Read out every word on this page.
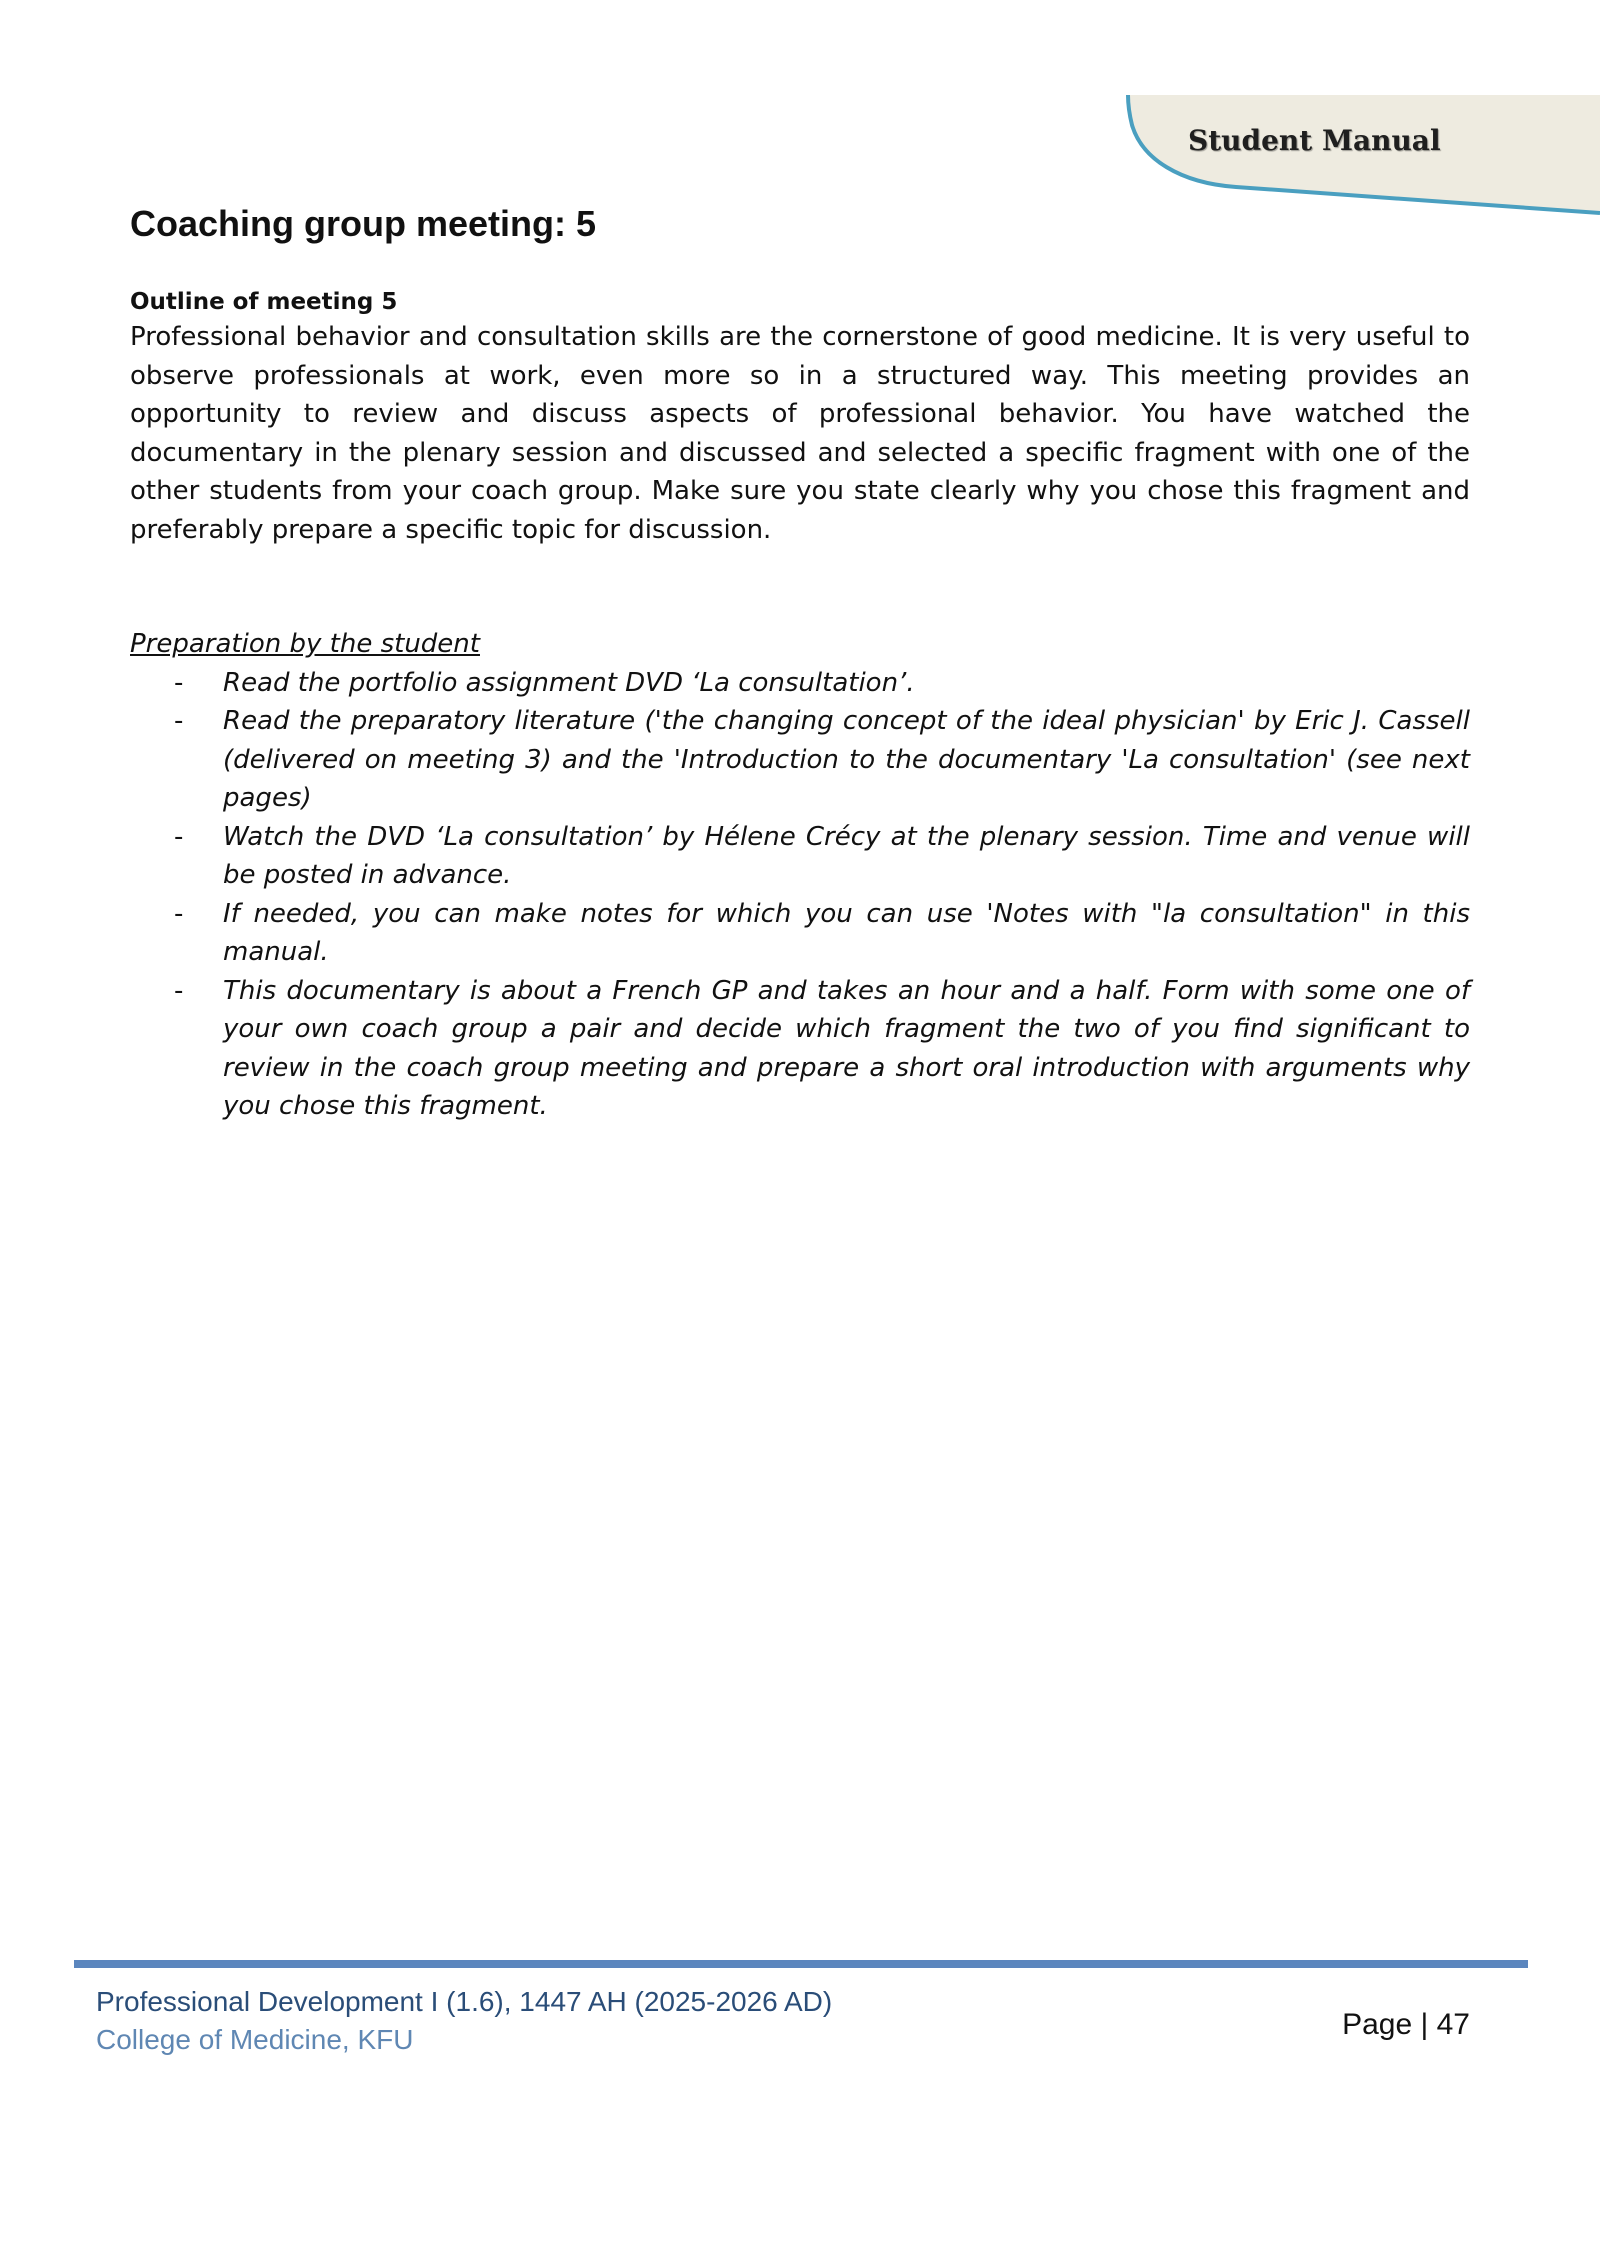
Student Manual
Coaching group meeting: 5
Outline of meeting 5

Professional behavior and consultation skills are the cornerstone of good medicine. It is very useful to observe professionals at work, even more so in a structured way. This meeting provides an opportunity to review and discuss aspects of professional behavior. You have watched the documentary in the plenary session and discussed and selected a specific fragment with one of the other students from your coach group. Make sure you state clearly why you chose this fragment and preferably prepare a specific topic for discussion.

Preparation by the student
- Read the portfolio assignment DVD ‘La consultation’.
- Read the preparatory literature ('the changing concept of the ideal physician' by Eric J. Cassell (delivered on meeting 3) and the 'Introduction to the documentary 'La consultation' (see next pages)
- Watch the DVD ‘La consultation’ by Hélene Crécy at the plenary session. Time and venue will be posted in advance.
- If needed, you can make notes for which you can use 'Notes with "la consultation" in this manual.
- This documentary is about a French GP and takes an hour and a half. Form with some one of your own coach group a pair and decide which fragment the two of you find significant to review in the coach group meeting and prepare a short oral introduction with arguments why you chose this fragment.
Professional Development I (1.6), 1447 AH (2025-2026 AD)
College of Medicine, KFU	Page | 47
